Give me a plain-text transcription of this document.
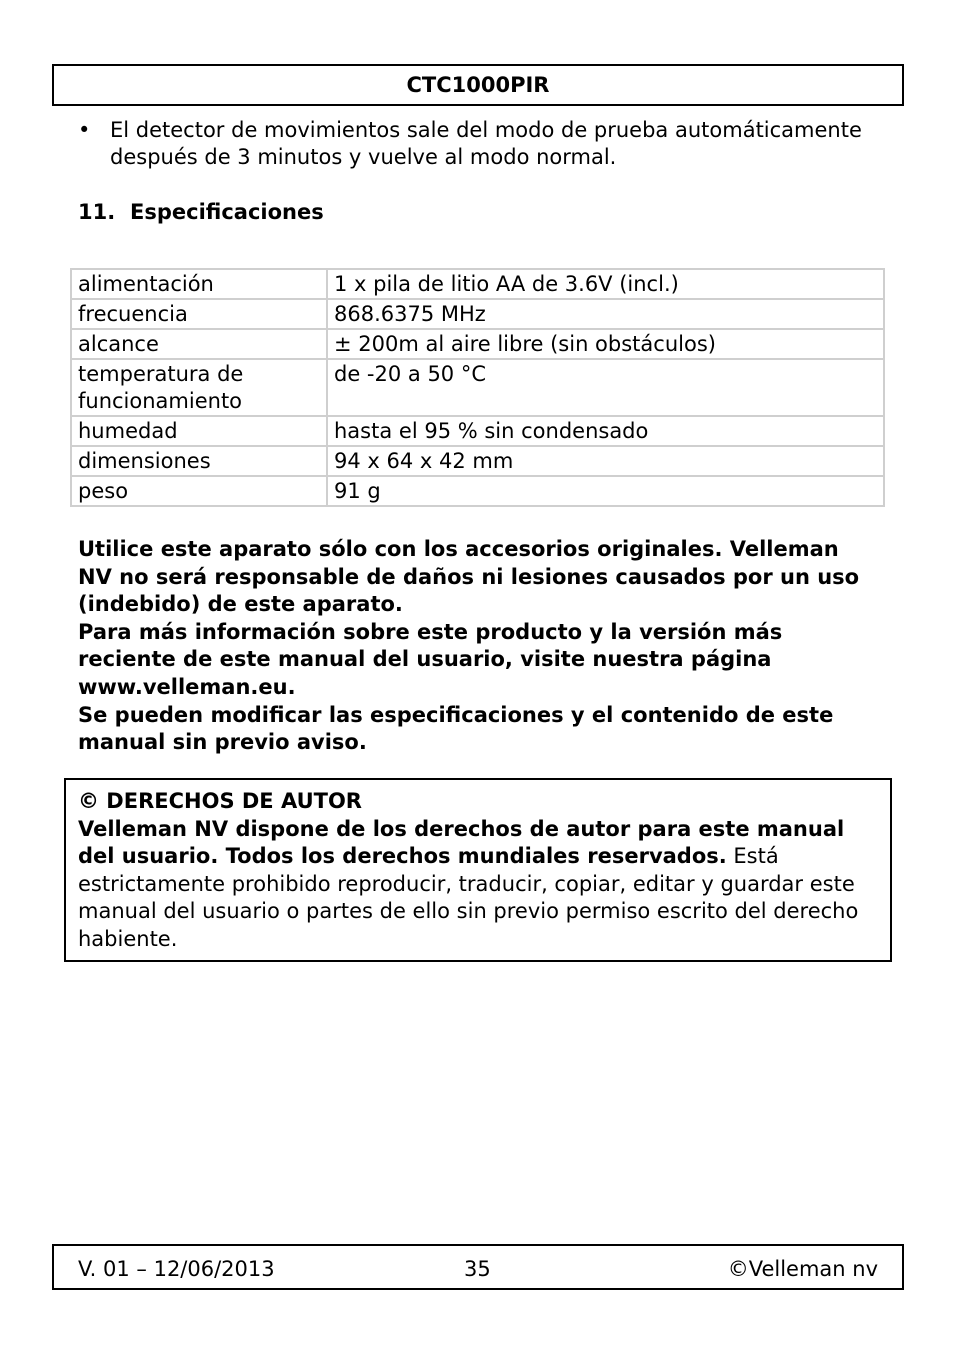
CTC1000PIR
• El detector de movimientos sale del modo de prueba automáticamente después de 3 minutos y vuelve al modo normal.
11. Especificaciones
alimentación	1 x pila de litio AA de 3.6V (incl.)
frecuencia	868.6375 MHz
alcance	± 200m al aire libre (sin obstáculos)
temperatura de funcionamiento	de -20 a 50 °C
humedad	hasta el 95 % sin condensado
dimensiones	94 x 64 x 42 mm
peso	91 g

Utilice este aparato sólo con los accesorios originales. Velleman NV no será responsable de daños ni lesiones causados por un uso (indebido) de este aparato.

Para más información sobre este producto y la versión más reciente de este manual del usuario, visite nuestra página www.velleman.eu.

Se pueden modificar las especificaciones y el contenido de este manual sin previo aviso.

© DERECHOS DE AUTOR
Velleman NV dispone de los derechos de autor para este manual del usuario. Todos los derechos mundiales reservados. Está estrictamente prohibido reproducir, traducir, copiar, editar y guardar este manual del usuario o partes de ello sin previo permiso escrito del derecho habiente.
V. 01 – 12/06/2013	35	©Velleman nv
